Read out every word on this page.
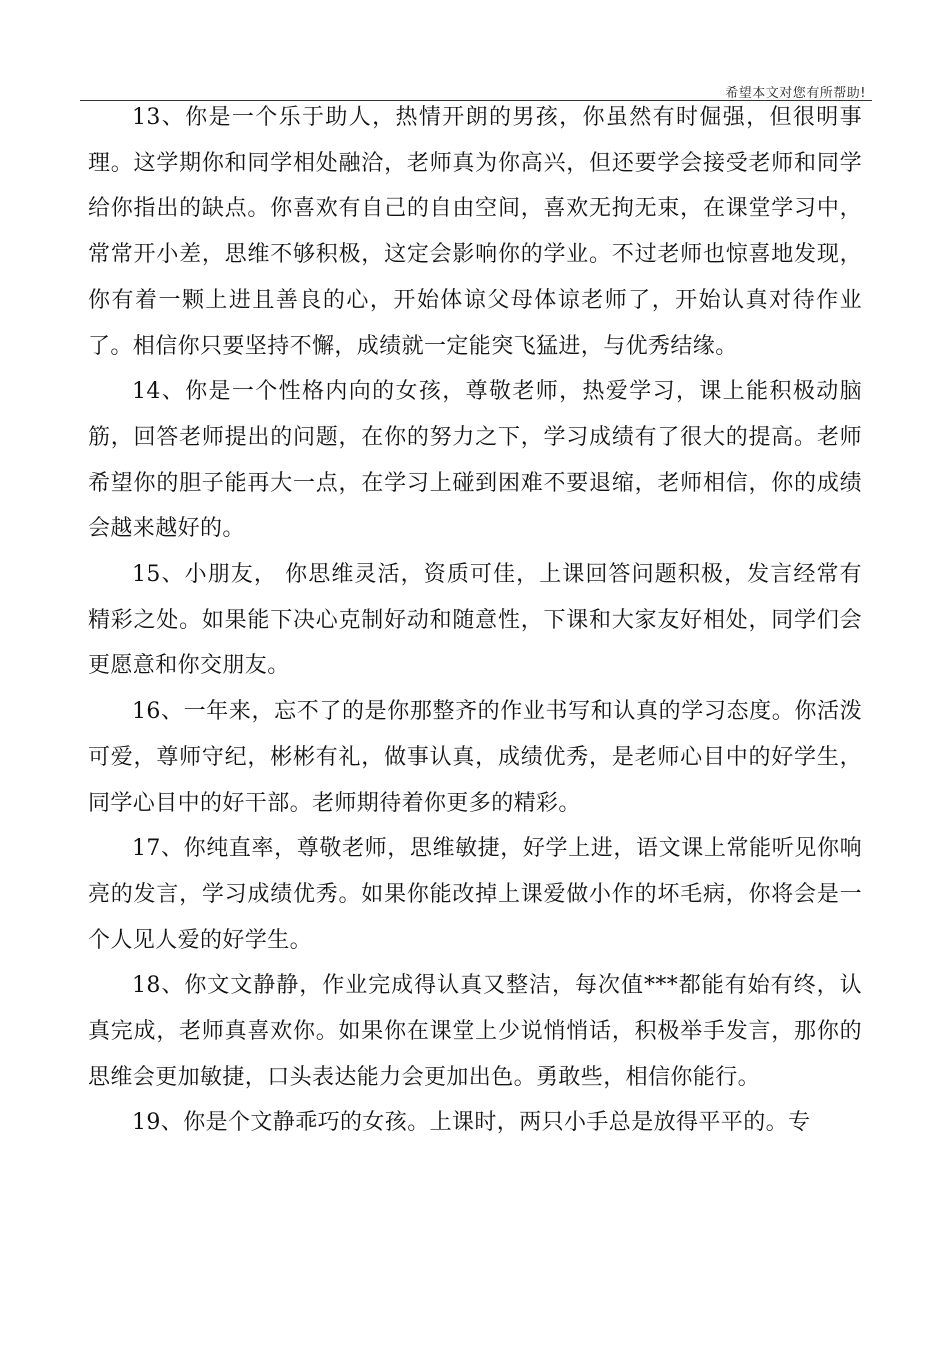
希望本文对您有所帮助!

13、你是一个乐于助人，热情开朗的男孩，你虽然有时倔强，但很明事理。这学期你和同学相处融洽，老师真为你高兴，但还要学会接受老师和同学给你指出的缺点。你喜欢有自己的自由空间，喜欢无拘无束，在课堂学习中，常常开小差，思维不够积极，这定会影响你的学业。不过老师也惊喜地发现，你有着一颗上进且善良的心，开始体谅父母体谅老师了，开始认真对待作业了。相信你只要坚持不懈，成绩就一定能突飞猛进，与优秀结缘。

14、你是一个性格内向的女孩，尊敬老师，热爱学习，课上能积极动脑筋，回答老师提出的问题，在你的努力之下，学习成绩有了很大的提高。老师希望你的胆子能再大一点，在学习上碰到困难不要退缩，老师相信，你的成绩会越来越好的。

15、小朋友， 你思维灵活，资质可佳，上课回答问题积极，发言经常有精彩之处。如果能下决心克制好动和随意性，下课和大家友好相处，同学们会更愿意和你交朋友。

16、一年来，忘不了的是你那整齐的作业书写和认真的学习态度。你活泼可爱，尊师守纪，彬彬有礼，做事认真，成绩优秀，是老师心目中的好学生，同学心目中的好干部。老师期待着你更多的精彩。

17、你纯直率，尊敬老师，思维敏捷，好学上进，语文课上常能听见你响亮的发言，学习成绩优秀。如果你能改掉上课爱做小作的坏毛病，你将会是一个人见人爱的好学生。

18、你文文静静，作业完成得认真又整洁，每次值***都能有始有终，认真完成，老师真喜欢你。如果你在课堂上少说悄悄话，积极举手发言，那你的思维会更加敏捷，口头表达能力会更加出色。勇敢些，相信你能行。

19、你是个文静乖巧的女孩。上课时，两只小手总是放得平平的。专
